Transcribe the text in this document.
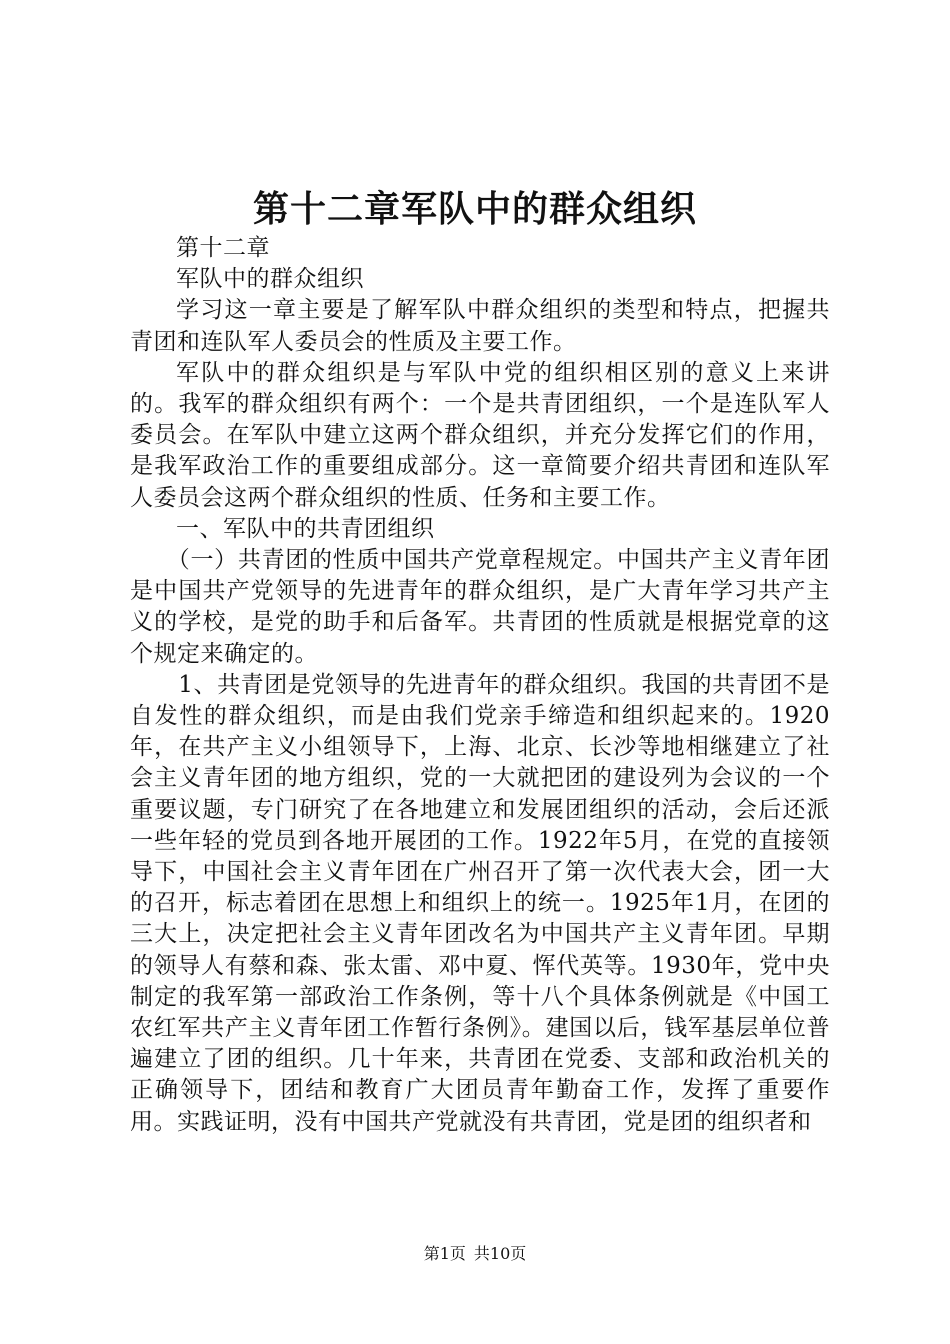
第十二章军队中的群众组织

第十二章

军队中的群众组织

学习这一章主要是了解军队中群众组织的类型和特点，把握共青团和连队军人委员会的性质及主要工作。

军队中的群众组织是与军队中党的组织相区别的意义上来讲的。我军的群众组织有两个：一个是共青团组织，一个是连队军人委员会。在军队中建立这两个群众组织，并充分发挥它们的作用，是我军政治工作的重要组成部分。这一章简要介绍共青团和连队军人委员会这两个群众组织的性质、任务和主要工作。

一、军队中的共青团组织

（一）共青团的性质中国共产党章程规定。中国共产主义青年团是中国共产党领导的先进青年的群众组织，是广大青年学习共产主义的学校，是党的助手和后备军。共青团的性质就是根据党章的这个规定来确定的。

1、共青团是党领导的先进青年的群众组织。我国的共青团不是自发性的群众组织，而是由我们党亲手缔造和组织起来的。1920年，在共产主义小组领导下，上海、北京、长沙等地相继建立了社会主义青年团的地方组织，党的一大就把团的建设列为会议的一个重要议题，专门研究了在各地建立和发展团组织的活动，会后还派一些年轻的党员到各地开展团的工作。1922年5月，在党的直接领导下，中国社会主义青年团在广州召开了第一次代表大会，团一大的召开，标志着团在思想上和组织上的统一。1925年1月，在团的三大上，决定把社会主义青年团改名为中国共产主义青年团。早期的领导人有蔡和森、张太雷、邓中夏、恽代英等。1930年，党中央制定的我军第一部政治工作条例，等十八个具体条例就是《中国工农红军共产主义青年团工作暂行条例》。建国以后，钱军基层单位普遍建立了团的组织。几十年来，共青团在党委、支部和政治机关的正确领导下，团结和教育广大团员青年勤奋工作，发挥了重要作用。实践证明，没有中国共产党就没有共青团，党是团的组织者和

第1页 共10页
